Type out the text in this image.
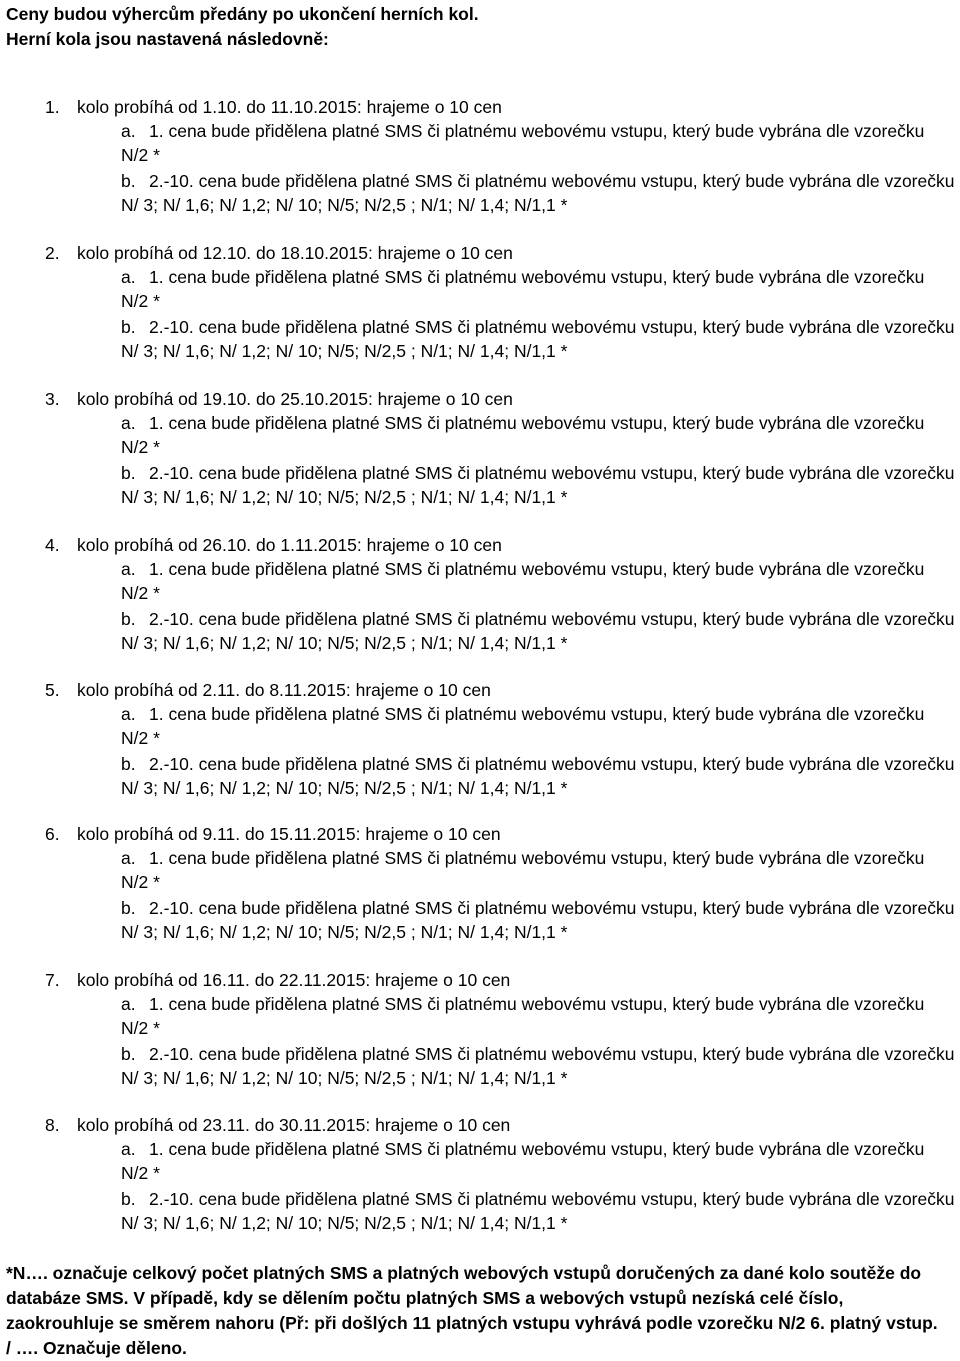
Ceny budou výhercům předány po ukončení herních kol.
Herní kola jsou nastavená následovně:
1. kolo probíhá od 1.10. do 11.10.2015: hrajeme o 10 cen
a. 1. cena bude přidělena platné SMS či platnému webovému vstupu, který bude vybrána dle vzorečku
N/2 *
b. 2.-10. cena bude přidělena platné SMS či platnému webovému vstupu, který bude vybrána dle vzorečku
N/ 3; N/ 1,6; N/ 1,2; N/ 10; N/5; N/2,5 ; N/1; N/ 1,4; N/1,1 *
2. kolo probíhá od 12.10. do 18.10.2015: hrajeme o 10 cen
a. 1. cena bude přidělena platné SMS či platnému webovému vstupu, který bude vybrána dle vzorečku
N/2 *
b. 2.-10. cena bude přidělena platné SMS či platnému webovému vstupu, který bude vybrána dle vzorečku
N/ 3; N/ 1,6; N/ 1,2; N/ 10; N/5; N/2,5 ; N/1; N/ 1,4; N/1,1 *
3. kolo probíhá od 19.10. do 25.10.2015: hrajeme o 10 cen
a. 1. cena bude přidělena platné SMS či platnému webovému vstupu, který bude vybrána dle vzorečku
N/2 *
b. 2.-10. cena bude přidělena platné SMS či platnému webovému vstupu, který bude vybrána dle vzorečku
N/ 3; N/ 1,6; N/ 1,2; N/ 10; N/5; N/2,5 ; N/1; N/ 1,4; N/1,1 *
4. kolo probíhá od 26.10. do 1.11.2015: hrajeme o 10 cen
a. 1. cena bude přidělena platné SMS či platnému webovému vstupu, který bude vybrána dle vzorečku
N/2 *
b. 2.-10. cena bude přidělena platné SMS či platnému webovému vstupu, který bude vybrána dle vzorečku
N/ 3; N/ 1,6; N/ 1,2; N/ 10; N/5; N/2,5 ; N/1; N/ 1,4; N/1,1 *
5. kolo probíhá od 2.11. do 8.11.2015: hrajeme o 10 cen
a. 1. cena bude přidělena platné SMS či platnému webovému vstupu, který bude vybrána dle vzorečku
N/2 *
b. 2.-10. cena bude přidělena platné SMS či platnému webovému vstupu, který bude vybrána dle vzorečku
N/ 3; N/ 1,6; N/ 1,2; N/ 10; N/5; N/2,5 ; N/1; N/ 1,4; N/1,1 *
6. kolo probíhá od 9.11. do 15.11.2015: hrajeme o 10 cen
a. 1. cena bude přidělena platné SMS či platnému webovému vstupu, který bude vybrána dle vzorečku
N/2 *
b. 2.-10. cena bude přidělena platné SMS či platnému webovému vstupu, který bude vybrána dle vzorečku
N/ 3; N/ 1,6; N/ 1,2; N/ 10; N/5; N/2,5 ; N/1; N/ 1,4; N/1,1 *
7. kolo probíhá od 16.11. do 22.11.2015: hrajeme o 10 cen
a. 1. cena bude přidělena platné SMS či platnému webovému vstupu, který bude vybrána dle vzorečku
N/2 *
b. 2.-10. cena bude přidělena platné SMS či platnému webovému vstupu, který bude vybrána dle vzorečku
N/ 3; N/ 1,6; N/ 1,2; N/ 10; N/5; N/2,5 ; N/1; N/ 1,4; N/1,1 *
8. kolo probíhá od 23.11. do 30.11.2015: hrajeme o 10 cen
a. 1. cena bude přidělena platné SMS či platnému webovému vstupu, který bude vybrána dle vzorečku
N/2 *
b. 2.-10. cena bude přidělena platné SMS či platnému webovému vstupu, který bude vybrána dle vzorečku
N/ 3; N/ 1,6; N/ 1,2; N/ 10; N/5; N/2,5 ; N/1; N/ 1,4; N/1,1 *
*N…. označuje celkový počet platných SMS a platných webových vstupů doručených za dané kolo soutěže do databáze SMS. V případě, kdy se dělením počtu platných SMS a webových vstupů nezíská celé číslo, zaokrouhluje se směrem nahoru (Př: při došlých 11 platných vstupu vyhrává podle vzorečku N/2 6. platný vstup.
/ …. Označuje děleno.
